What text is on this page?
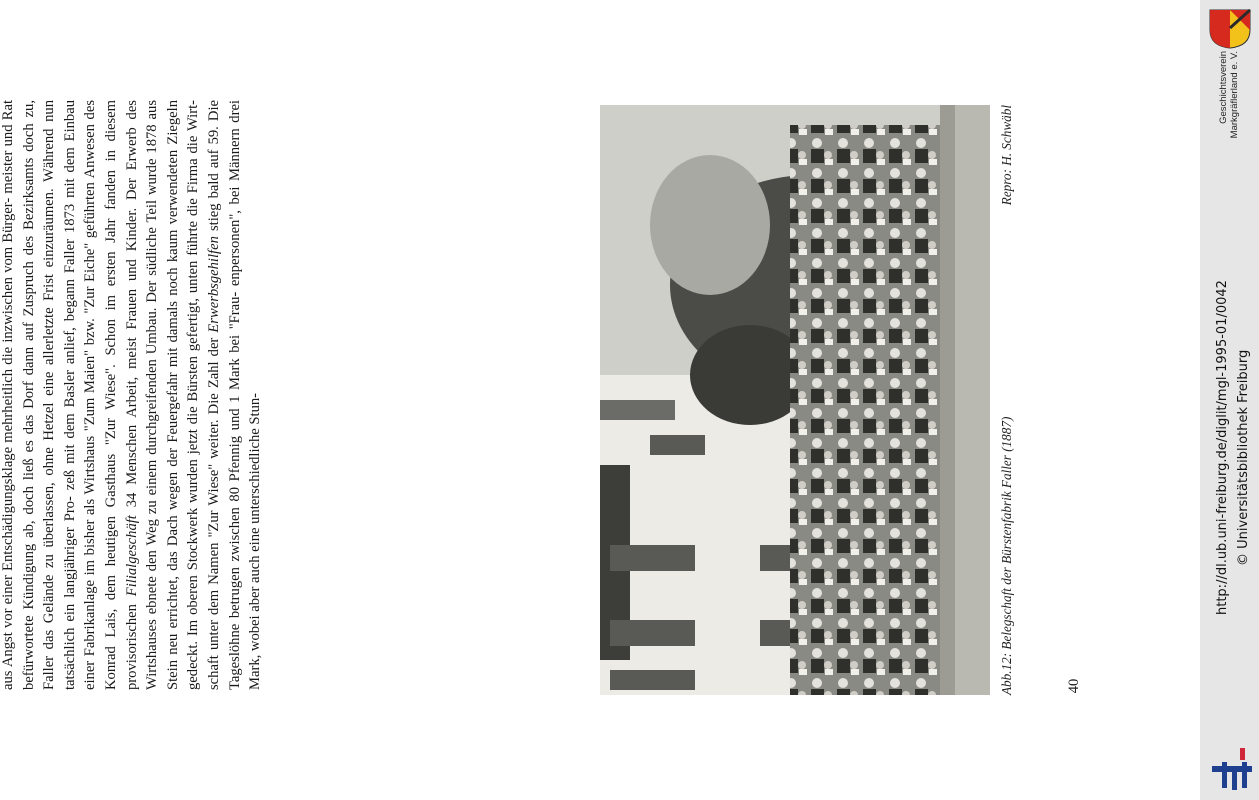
aus Angst vor einer Entschädigungsklage mehrheitlich die inzwischen vom Bürger- meister und Rat befürwortete Kündigung ab, doch ließ es das Dorf dann auf Zuspruch des Bezirksamts doch zu, Faller das Gelände zu überlassen, ohne Hetzel eine allerletzte Frist einzuräumen. Während nun tatsächlich ein langjähriger Pro- zeß mit dem Basler anlief, begann Faller 1873 mit dem Einbau einer Fabrikanlage im bisher als Wirtshaus "Zum Maien" bzw. "Zur Eiche" geführten Anwesen des Konrad Lais, dem heutigen Gasthaus "Zur Wiese". Schon im ersten Jahr fanden in diesem provisorischen Filialgeschäft 34 Menschen Arbeit, meist Frauen und Kinder. Der Erwerb des Wirtshauses ebnete den Weg zu einem durchgreifenden Umbau. Der südliche Teil wurde 1878 aus Stein neu errichtet, das Dach wegen der Feuergefahr mit damals noch kaum verwendeten Ziegeln gedeckt. Im oberen Stockwerk wurden jetzt die Bürsten gefertigt, unten führte die Firma die Wirt- schaft unter dem Namen "Zur Wiese" weiter. Die Zahl der Erwerbsgehilfen stieg bald auf 59. Die Tageslöhne betrugen zwischen 80 Pfennig und 1 Mark bei "Frau- enpersonen", bei Männern drei Mark, wobei aber auch eine unterschiedliche Stun-	Abb.12: Belegschaft der Bürstenfabrik Faller (1887)
Repro: H. Schwäbl
40
Geschichtsverein Markgräflerland e. V.
http://dl.ub.uni-freiburg.de/diglit/mgl-1995-01/0042 © Universitätsbibliothek Freiburg
